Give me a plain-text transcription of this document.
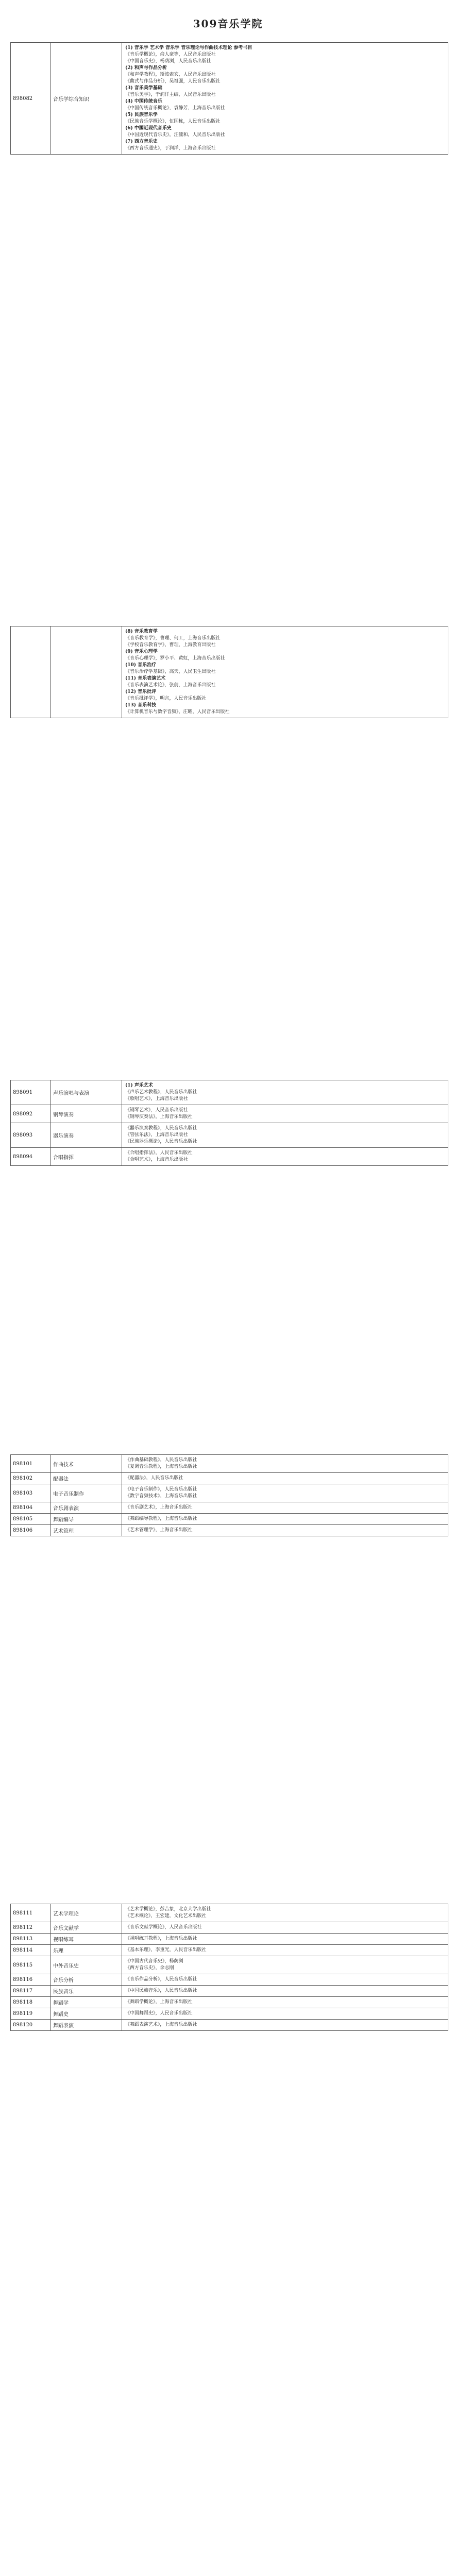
309音乐学院
898082	音乐学综合知识
(1) 音乐学 艺术学 音乐学 音乐理论与作曲技术理论 参考书目
《音乐学概论》，俞人豪等，人民音乐出版社
《中国音乐史》，杨荫浏，人民音乐出版社
(2) 和声与作品分析
《和声学教程》，斯波索宾，人民音乐出版社
《曲式与作品分析》，吴祖强，人民音乐出版社
(3) 音乐美学基础
《音乐美学》，于润洋主编，人民音乐出版社
(4) 中国传统音乐
《中国传统音乐概论》，袁静芳，上海音乐出版社
(5) 民族音乐学
《民族音乐学概论》，伍国栋，人民音乐出版社
(6) 中国近现代音乐史
《中国近现代音乐史》，汪毓和，人民音乐出版社
(7) 西方音乐史
《西方音乐通史》，于润洋，上海音乐出版社
(8) 音乐教育学
《音乐教育学》，曹理、何工，上海音乐出版社
《学校音乐教育学》，曹理，上海教育出版社
(9) 音乐心理学
《音乐心理学》，罗小平、黄虹，上海音乐出版社
(10) 音乐治疗
《音乐治疗学基础》，高天，人民卫生出版社
(11) 音乐表演艺术
《音乐表演艺术论》，张前，上海音乐出版社
(12) 音乐批评
《音乐批评学》，明言，人民音乐出版社
(13) 音乐科技
《计算机音乐与数字音频》，庄曜，人民音乐出版社
898091	声乐演唱与表演
(1) 声乐艺术
《声乐艺术教程》，人民音乐出版社
《歌唱艺术》，上海音乐出版社
898092	钢琴演奏
《钢琴艺术》，人民音乐出版社
《钢琴演奏法》，上海音乐出版社
898093	器乐演奏
《器乐演奏教程》，人民音乐出版社
《管弦乐法》，上海音乐出版社
《民族器乐概论》，人民音乐出版社
898094	合唱指挥
《合唱指挥法》，人民音乐出版社
《合唱艺术》，上海音乐出版社
898101	作曲技术
《作曲基础教程》，人民音乐出版社
《复调音乐教程》，上海音乐出版社
898102	配器法	《配器法》，人民音乐出版社
898103	电子音乐制作
《电子音乐制作》，人民音乐出版社
《数字音频技术》，上海音乐出版社
898104	音乐剧表演	《音乐剧艺术》，上海音乐出版社
898105	舞蹈编导	《舞蹈编导教程》，上海音乐出版社
898106	艺术管理	《艺术管理学》，上海音乐出版社
898111	艺术学理论
《艺术学概论》，彭吉象，北京大学出版社
《艺术概论》，王宏建，文化艺术出版社
898112	音乐文献学	《音乐文献学概论》，人民音乐出版社
898113	视唱练耳	《视唱练耳教程》，上海音乐出版社
898114	乐理	《基本乐理》，李重光，人民音乐出版社
898115	中外音乐史
《中国古代音乐史》，杨荫浏
《西方音乐史》，余志刚
898116	音乐分析	《音乐作品分析》，人民音乐出版社
898117	民族音乐	《中国民族音乐》，人民音乐出版社
898118	舞蹈学	《舞蹈学概论》，上海音乐出版社
898119	舞蹈史	《中国舞蹈史》，人民音乐出版社
898120	舞蹈表演	《舞蹈表演艺术》，上海音乐出版社
